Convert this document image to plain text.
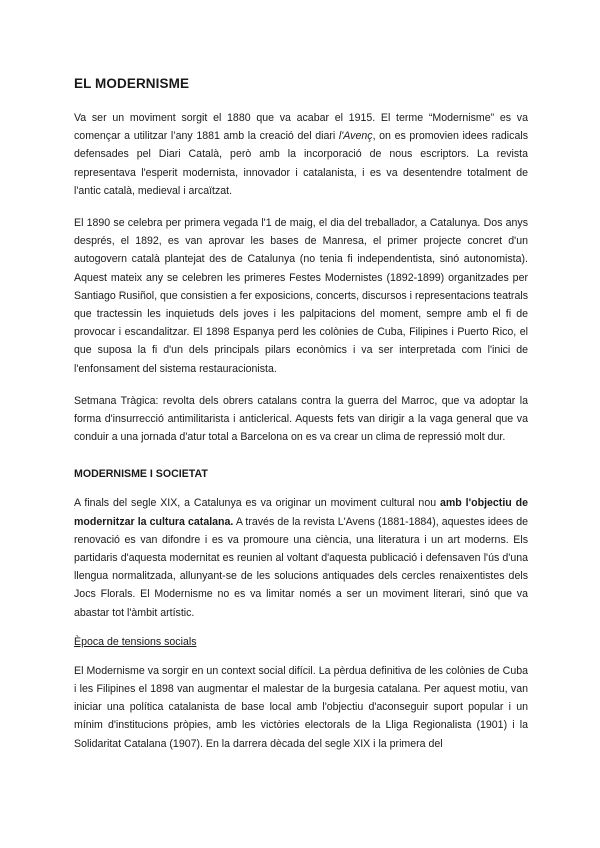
EL MODERNISME

Va ser un moviment sorgit el 1880 que va acabar el 1915. El terme “Modernisme” es va començar a utilitzar l’any 1881 amb la creació del diari l'Avenç, on es promovien idees radicals defensades pel Diari Català, però amb la incorporació de nous escriptors. La revista representava l'esperit modernista, innovador i catalanista, i es va desentendre totalment de l'antic català, medieval i arcaïtzat.

El 1890 se celebra per primera vegada l'1 de maig, el dia del treballador, a Catalunya. Dos anys després, el 1892, es van aprovar les bases de Manresa, el primer projecte concret d'un autogovern català plantejat des de Catalunya (no tenia fi independentista, sinó autonomista). Aquest mateix any se celebren les primeres Festes Modernistes (1892-1899) organitzades per Santiago Rusiñol, que consistien a fer exposicions, concerts, discursos i representacions teatrals que tractessin les inquietuds dels joves i les palpitacions del moment, sempre amb el fi de provocar i escandalitzar. El 1898 Espanya perd les colònies de Cuba, Filipines i Puerto Rico, el que suposa la fi d'un dels principals pilars econòmics i va ser interpretada com l'inici de l'enfonsament del sistema restauracionista.

Setmana Tràgica: revolta dels obrers catalans contra la guerra del Marroc, que va adoptar la forma d'insurrecció antimilitarista i anticlerical. Aquests fets van dirigir a la vaga general que va conduir a una jornada d'atur total a Barcelona on es va crear un clima de repressió molt dur.

MODERNISME I SOCIETAT

A finals del segle XIX, a Catalunya es va originar un moviment cultural nou amb l'objectiu de modernitzar la cultura catalana. A través de la revista L'Avens (1881-1884), aquestes idees de renovació es van difondre i es va promoure una ciència, una literatura i un art moderns. Els partidaris d'aquesta modernitat es reunien al voltant d'aquesta publicació i defensaven l'ús d'una llengua normalitzada, allunyant-se de les solucions antiquades dels cercles renaixentistes dels Jocs Florals. El Modernisme no es va limitar només a ser un moviment literari, sinó que va abastar tot l'àmbit artístic.

Època de tensions socials

El Modernisme va sorgir en un context social difícil. La pèrdua definitiva de les colònies de Cuba i les Filipines el 1898 van augmentar el malestar de la burgesia catalana. Per aquest motiu, van iniciar una política catalanista de base local amb l'objectiu d'aconseguir suport popular i un mínim d'institucions pròpies, amb les victòries electorals de la Lliga Regionalista (1901) i la Solidaritat Catalana (1907). En la darrera dècada del segle XIX i la primera del
